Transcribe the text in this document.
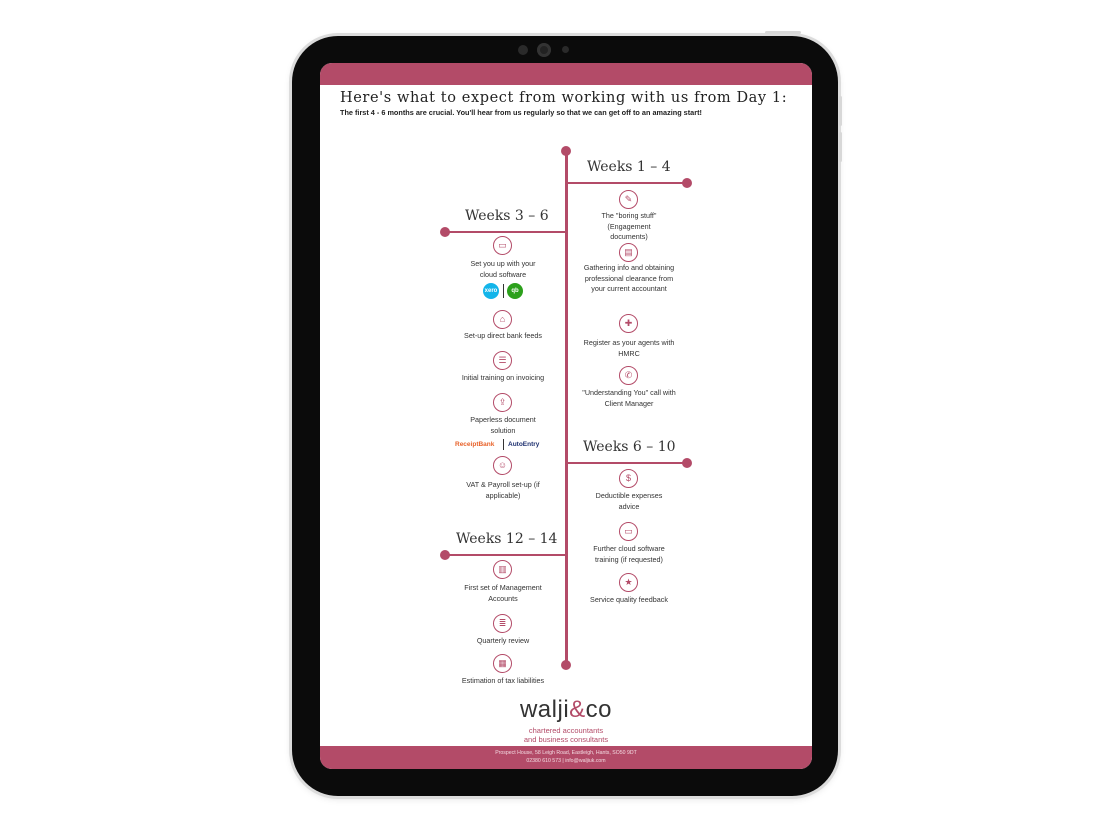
Here's what to expect from working with us from Day 1:
The first 4 - 6 months are crucial. You'll hear from us regularly so that we can get off to an amazing start!
Weeks 1 – 4
Weeks 3 – 6
Weeks 6 – 10
Weeks 12 – 14
✎
The "boring stuff" (Engagement documents)
▤
Gathering info and obtaining professional clearance from your current accountant
✚
Register as your agents with HMRC
✆
"Understanding You" call with Client Manager
▭
Set you up with your cloud software
xero	qb
⌂
Set-up direct bank feeds
☰
Initial training on invoicing
⇪
Paperless document solution
ReceiptBank AutoEntry
☺
VAT & Payroll set-up (if applicable)
$
Deductible expenses advice
▭
Further cloud software training (if requested)
★
Service quality feedback
▥
First set of Management Accounts
≣
Quarterly review
▦
Estimation of tax liabilities
walji&co
chartered accountants
and business consultants
Prospect House, 58 Leigh Road, Eastleigh, Hants, SO50 9DT
02380 610 573 | info@waljiuk.com
